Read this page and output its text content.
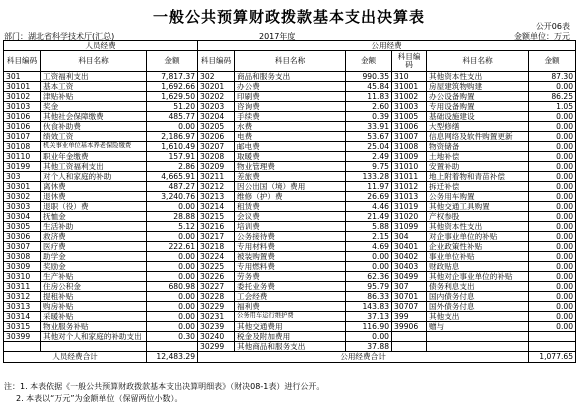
一般公共预算财政拨款基本支出决算表
公开06表
部门：湖北省科学技术厅(汇总)	2017年度	金额单位：万元
人员经费			公用经费					
科目编码	科目名称	金额	科目编码	科目名称	金额	科目编码	科目名称	金额
301	工资福利支出	7,817.37	302	商品和服务支出	990.35	310	其他资本性支出	87.30
30101	基本工资	1,692.66	30201	办公费	45.84	31001	房屋建筑物购建	0.00
30102	津贴补贴	1,629.50	30202	印刷费	11.83	31002	办公设备购置	86.25
30103	奖金	51.20	30203	咨询费	2.60	31003	专用设备购置	1.05
30106	其他社会保障缴费	485.77	30204	手续费	0.39	31005	基础设施建设	0.00
30106	伙食补助费	0.00	30205	水费	33.91	31006	大型修缮	0.00
30107	绩效工资	2,186.97	30206	电费	53.67	31007	信息网络及软件购置更新	0.00
30108	机关事业单位基本养老保险缴费	1,610.49	30207	邮电费	25.04	31008	物资储备	0.00
30110	职业年金缴费	157.91	30208	取暖费	2.49	31009	土地补偿	0.00
30199	其他工资福利支出	2.86	30209	物业管理费	9.75	31010	安置补助	0.00
303	对个人和家庭的补助	4,665.91	30211	差旅费	133.28	31011	地上附着物和青苗补偿	0.00
30301	离休费	487.27	30212	因公出国（境）费用	11.97	31012	拆迁补偿	0.00
30302	退休费	3,240.76	30213	维修（护）费	26.69	31013	公务用车购置	0.00
30303	退职（役）费	0.00	30214	租赁费	4.46	31019	其他交通工具购置	0.00
30304	抚恤金	28.88	30215	会议费	21.49	31020	产权参股	0.00
30305	生活补助	5.12	30216	培训费	5.88	31099	其他资本性支出	0.00
30306	救济费	0.00	30217	公务接待费	2.15	304	对企事业单位的补贴	0.00
30307	医疗费	222.61	30218	专用材料费	4.69	30401	企业政策性补贴	0.00
30308	助学金	0.00	30224	被装购置费	0.00	30402	事业单位补贴	0.00
30309	奖励金	0.00	30225	专用燃料费	0.00	30403	财政贴息	0.00
30310	生产补贴	0.00	30226	劳务费	62.36	30499	其他对企事业单位的补贴	0.00
30311	住房公积金	680.98	30227	委托业务费	95.79	307	债务利息支出	0.00
30312	提租补贴	0.00	30228	工会经费	86.33	30701	国内债务付息	0.00
30313	购房补贴	0.00	30229	福利费	143.83	30707	国外债务付息	0.00
30314	采暖补贴	0.00	30231	公务用车运行维护费	37.13	399	其他支出	0.00
30315	物业服务补贴	0.00	30239	其他交通费用	116.90	39906	赠与	0.00
30399	其他对个人和家庭的补助支出	0.30	30240	税金及附加费用	0.00			
			30299	其他商品和服务支出	37.88			
人员经费合计		12,483.29	公用经费合计					1,077.65
注：1. 本表依据《一般公共预算财政拨款基本支出决算明细表》（财决08-1表）进行公开。
2. 本表以“万元”为金额单位（保留两位小数）。
